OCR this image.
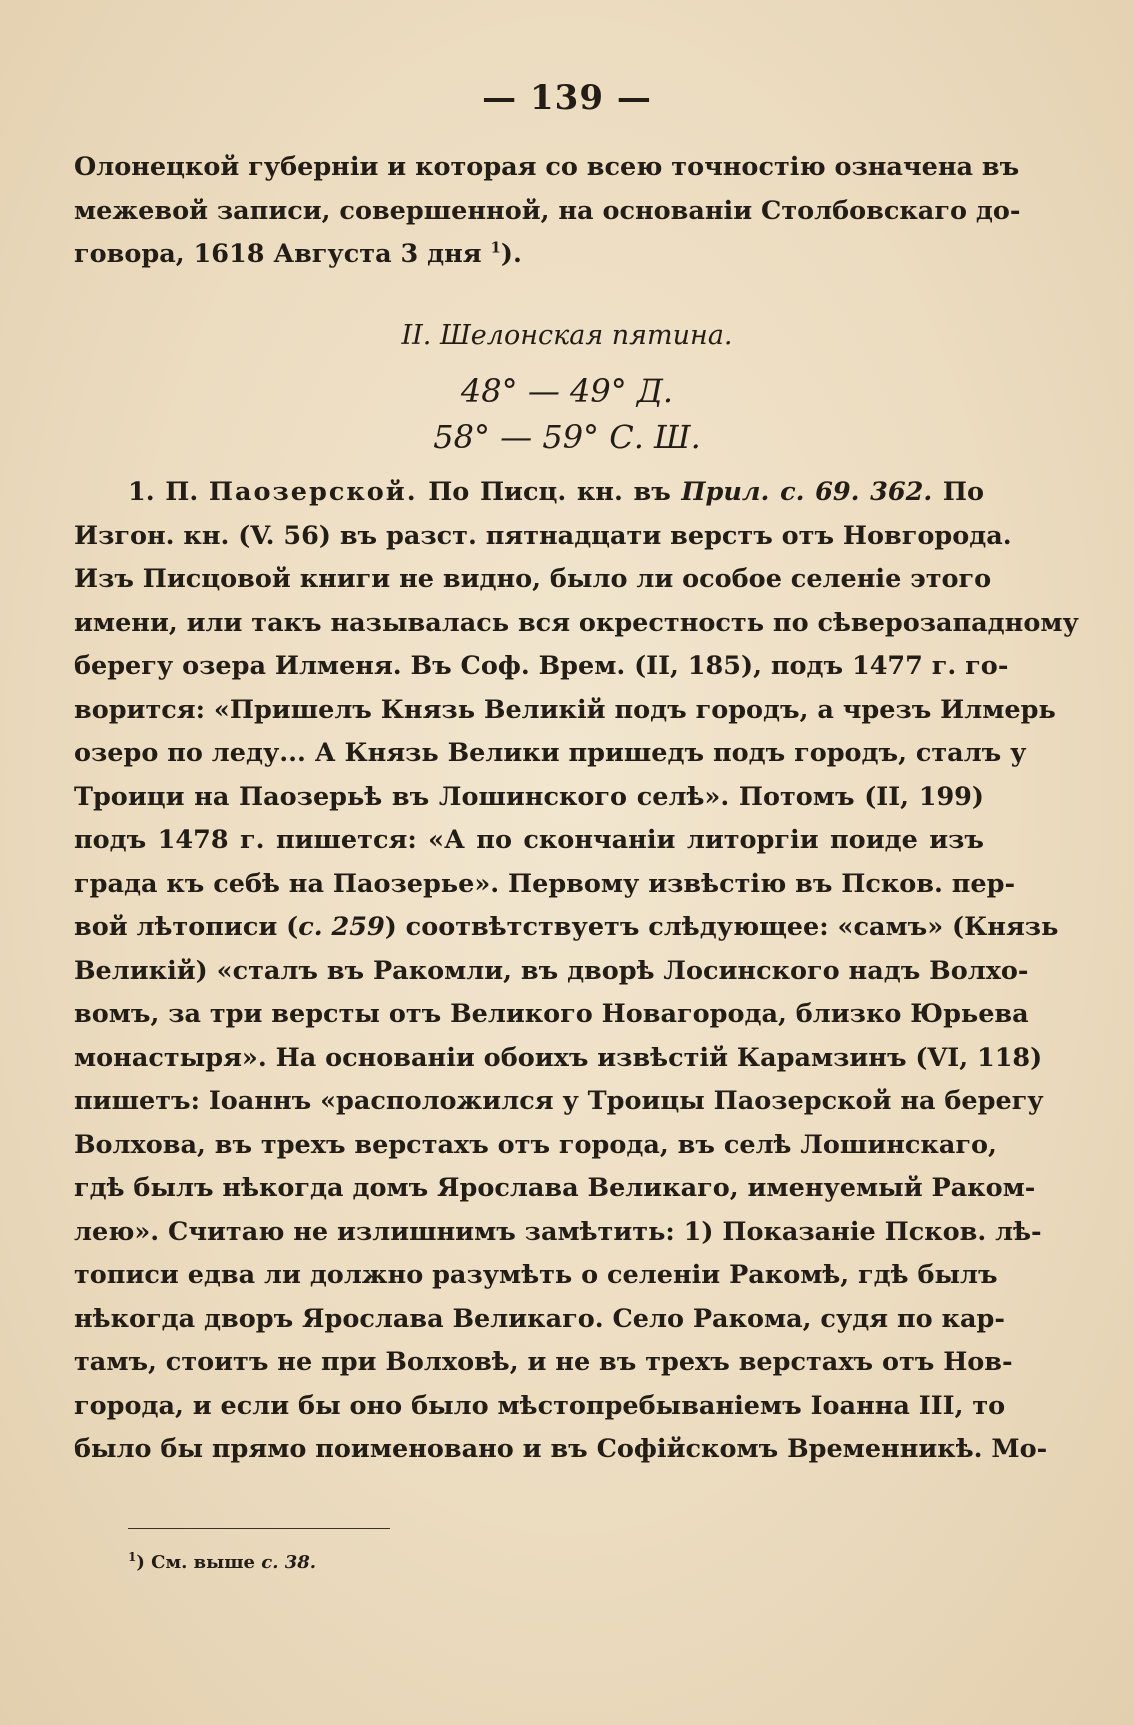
— 139 —
Олонецкой губерніи и которая со всею точностію означена въ
межевой записи, совершенной, на основаніи Столбовскаго до-
говора, 1618 Августа 3 дня $^1$).
II. Шелонская пятина.
48° — 49° Д.
58° — 59° С. Ш.
1. П. Паозерской. По Писц. кн. въ Прил. с. 69. 362. По
Изгон. кн. (V. 56) въ разст. пятнадцати верстъ отъ Новгорода.
Изъ Писцовой книги не видно, было ли особое селеніе этого
имени, или такъ называлась вся окрестность по сѣверозападному
берегу озера Илменя. Въ Соф. Врем. (II, 185), подъ 1477 г. го-
ворится: «Пришелъ Князь Великій подъ городъ, а чрезъ Илмерь
озеро по леду... А Князь Велики пришедъ подъ городъ, сталъ у
Троици на Паозерьѣ въ Лошинского селѣ». Потомъ (II, 199)
подъ 1478 г. пишется: «А по скончаніи литоргіи поиде изъ
града къ себѣ на Паозерье». Первому извѣстію въ Псков. пер-
вой лѣтописи (с. 259) соотвѣтствуетъ слѣдующее: «самъ» (Князь
Великій) «сталъ въ Ракомли, въ дворѣ Лосинского надъ Волхо-
вомъ, за три версты отъ Великого Новагорода, близко Юрьева
монастыря». На основаніи обоихъ извѣстій Карамзинъ (VI, 118)
пишетъ: Іоаннъ «расположился у Троицы Паозерской на берегу
Волхова, въ трехъ верстахъ отъ города, въ селѣ Лошинскаго,
гдѣ былъ нѣкогда домъ Ярослава Великаго, именуемый Раком-
лею». Считаю не излишнимъ замѣтить: 1) Показаніе Псков. лѣ-
тописи едва ли должно разумѣть о селеніи Ракомѣ, гдѣ былъ
нѣкогда дворъ Ярослава Великаго. Село Ракома, судя по кар-
тамъ, стоитъ не при Волховѣ, и не въ трехъ верстахъ отъ Нов-
города, и если бы оно было мѣстопребываніемъ Іоанна III, то
было бы прямо поименовано и въ Софійскомъ Временникѣ. Мо-
$^1$) См. выше с. 38.
